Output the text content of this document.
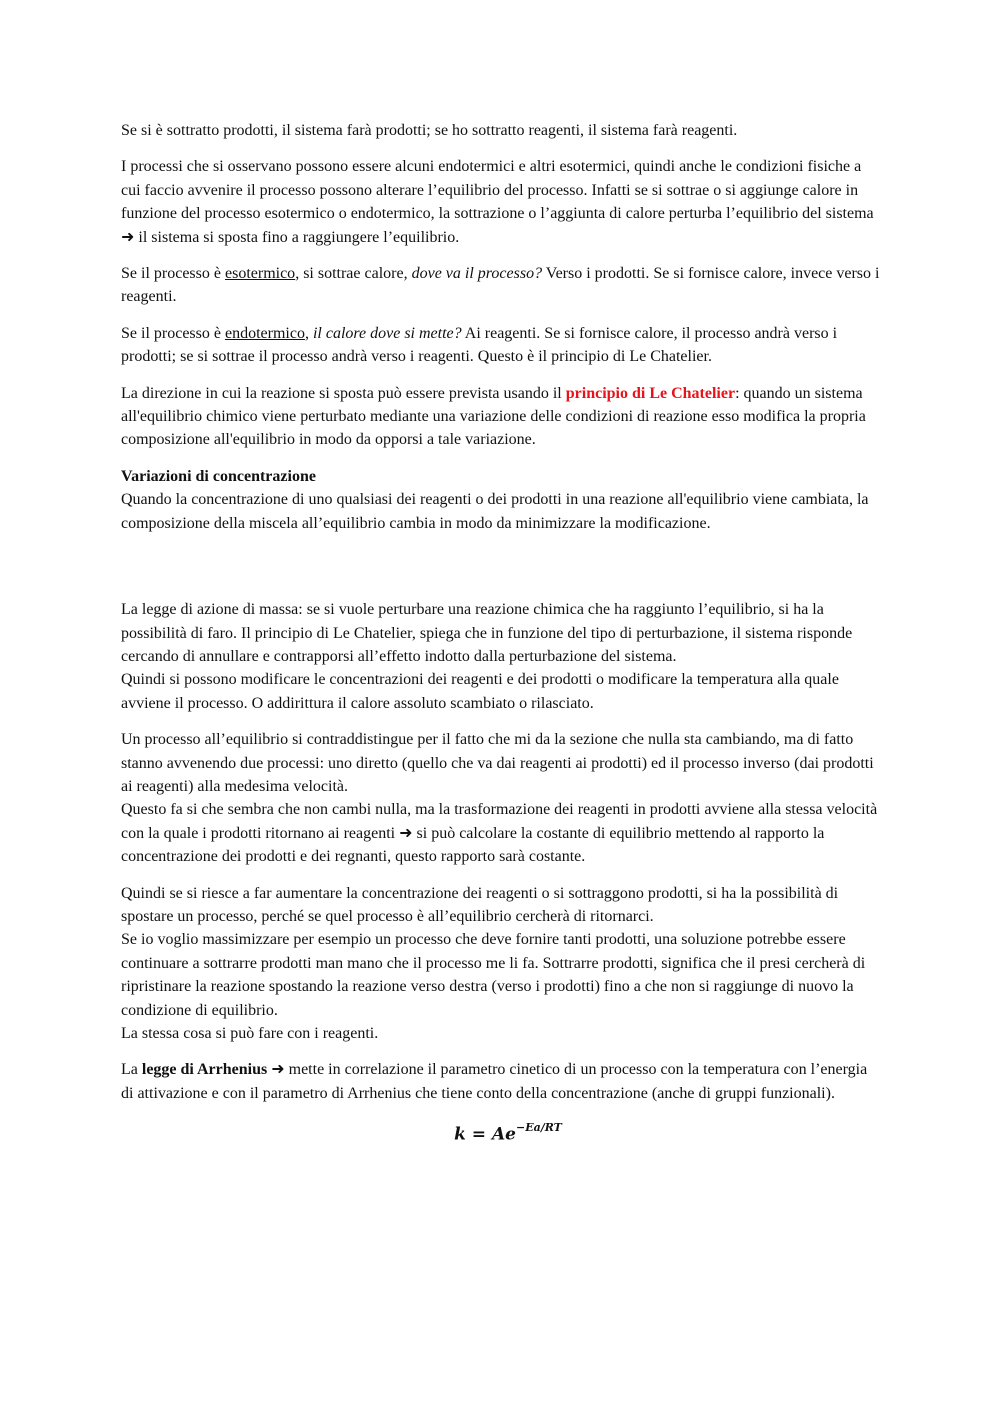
Se si è sottratto prodotti, il sistema farà prodotti; se ho sottratto reagenti, il sistema farà reagenti.

I processi che si osservano possono essere alcuni endotermici e altri esotermici, quindi anche le condizioni fisiche a cui faccio avvenire il processo possono alterare l’equilibrio del processo. Infatti se si sottrae o si aggiunge calore in funzione del processo esotermico o endotermico, la sottrazione o l’aggiunta di calore perturba l’equilibrio del sistema ➜ il sistema si sposta fino a raggiungere l’equilibrio.

Se il processo è esotermico, si sottrae calore, dove va il processo? Verso i prodotti. Se si fornisce calore, invece verso i reagenti.

Se il processo è endotermico, il calore dove si mette? Ai reagenti. Se si fornisce calore, il processo andrà verso i prodotti; se si sottrae il processo andrà verso i reagenti. Questo è il principio di Le Chatelier.

La direzione in cui la reazione si sposta può essere prevista usando il principio di Le Chatelier: quando un sistema all'equilibrio chimico viene perturbato mediante una variazione delle condizioni di reazione esso modifica la propria composizione all'equilibrio in modo da opporsi a tale variazione.

Variazioni di concentrazione
Quando la concentrazione di uno qualsiasi dei reagenti o dei prodotti in una reazione all'equilibrio viene cambiata, la composizione della miscela all’equilibrio cambia in modo da minimizzare la modificazione.

La legge di azione di massa: se si vuole perturbare una reazione chimica che ha raggiunto l’equilibrio, si ha la possibilità di faro. Il principio di Le Chatelier, spiega che in funzione del tipo di perturbazione, il sistema risponde cercando di annullare e contrapporsi all’effetto indotto dalla perturbazione del sistema.
Quindi si possono modificare le concentrazioni dei reagenti e dei prodotti o modificare la temperatura alla quale avviene il processo. O addirittura il calore assoluto scambiato o rilasciato.

Un processo all’equilibrio si contraddistingue per il fatto che mi da la sezione che nulla sta cambiando, ma di fatto stanno avvenendo due processi: uno diretto (quello che va dai reagenti ai prodotti) ed il processo inverso (dai prodotti ai reagenti) alla medesima velocità.
Questo fa si che sembra che non cambi nulla, ma la trasformazione dei reagenti in prodotti avviene alla stessa velocità con la quale i prodotti ritornano ai reagenti ➜ si può calcolare la costante di equilibrio mettendo al rapporto la concentrazione dei prodotti e dei regnanti, questo rapporto sarà costante.

Quindi se si riesce a far aumentare la concentrazione dei reagenti o si sottraggono prodotti, si ha la possibilità di spostare un processo, perché se quel processo è all’equilibrio cercherà di ritornarci.
Se io voglio massimizzare per esempio un processo che deve fornire tanti prodotti, una soluzione potrebbe essere continuare a sottrarre prodotti man mano che il processo me li fa. Sottrarre prodotti, significa che il presi cercherà di ripristinare la reazione spostando la reazione verso destra (verso i prodotti) fino a che non si raggiunge di nuovo la condizione di equilibrio.
La stessa cosa si può fare con i reagenti.

La legge di Arrhenius ➜ mette in correlazione il parametro cinetico di un processo con la temperatura con l’energia di attivazione e con il parametro di Arrhenius che tiene conto della concentrazione (anche di gruppi funzionali).

$k = Ae^{-Ea/RT}$
